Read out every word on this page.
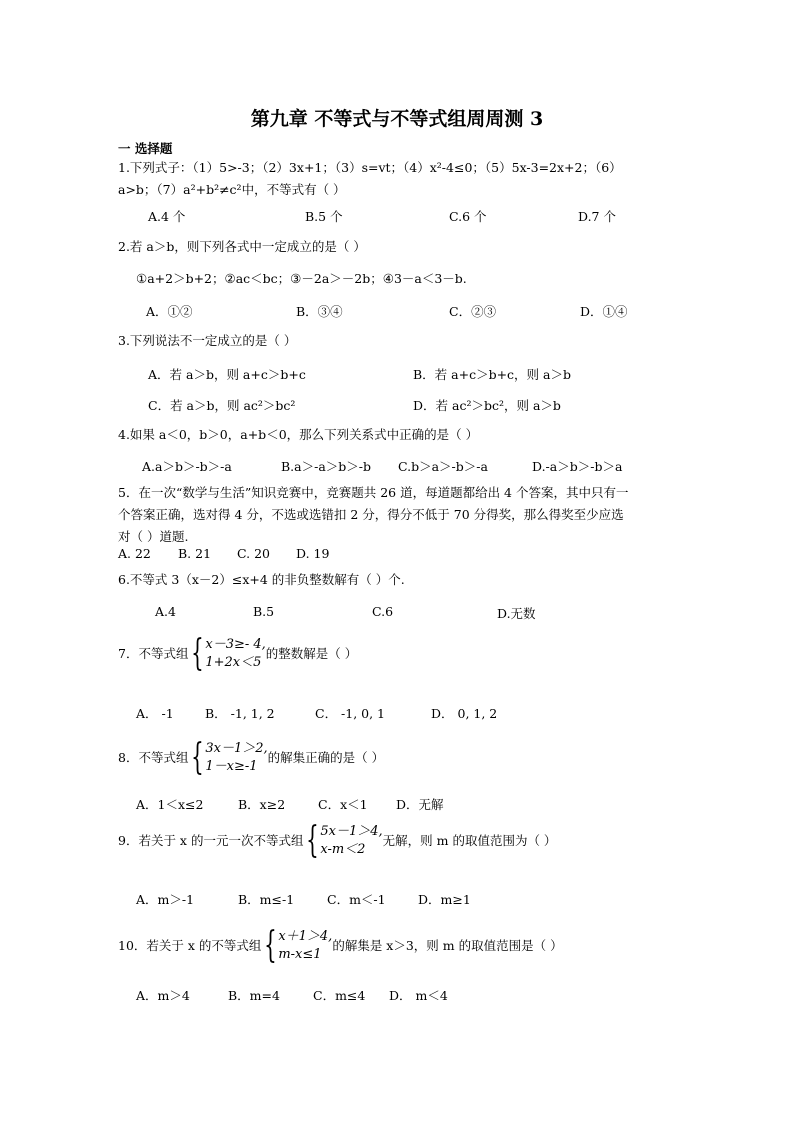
第九章 不等式与不等式组周周测 3
一 选择题
1.下列式子：（1）5>-3；（2）3x+1；（3）s=vt；（4）x²-4≤0；（5）5x-3=2x+2；（6）
a>b；（7）a²+b²≠c²中，不等式有（ ）
A.4 个	B.5 个	C.6 个	D.7 个
2.若 a＞b，则下列各式中一定成立的是（ ）
①a+2＞b+2；②ac＜bc；③－2a＞－2b；④3－a＜3－b.
A．①②	B．③④	C．②③	D．①④
3.下列说法不一定成立的是（ ）
A．若 a＞b，则 a+c＞b+c	B．若 a+c＞b+c，则 a＞b
C．若 a＞b，则 ac²＞bc²	D．若 ac²＞bc²，则 a＞b
4.如果 a＜0，b＞0，a+b＜0，那么下列关系式中正确的是（ ）
A.a＞b＞-b＞-a	B.a＞-a＞b＞-b C.b＞a＞-b＞-a	D.-a＞b＞-b＞a
5．在一次“数学与生活”知识竞赛中，竞赛题共 26 道，每道题都给出 4 个答案，其中只有一
个答案正确，选对得 4 分，不选或选错扣 2 分，得分不低于 70 分得奖，那么得奖至少应选
对（ ）道题.
A. 22 B. 21 C. 20 D. 19
6.不等式 3（x－2）≤x+4 的非负整数解有（ ）个.
A.4	B.5	C.6	D.无数
7．不等式组 { x－3≥- 4,
1+2x＜5
的整数解是（ ）
A． -1	B． -1, 1, 2	C． -1, 0, 1	D． 0, 1, 2
8．不等式组 { 3x－1＞2,
1－x≥-1
的解集正确的是（ ）
A．1＜x≤2	B．x≥2	C．x＜1 D．无解
9．若关于 x 的一元一次不等式组 { 5x－1＞4,
x-m＜2
无解，则 m 的取值范围为（ ）
A．m＞-1	B．m≤-1	C．m＜-1	D．m≥1
10．若关于 x 的不等式组 { x＋1＞4,
m-x≤1
的解集是 x＞3，则 m 的取值范围是（ ）
A．m＞4	B．m=4	C．m≤4 D． m＜4
